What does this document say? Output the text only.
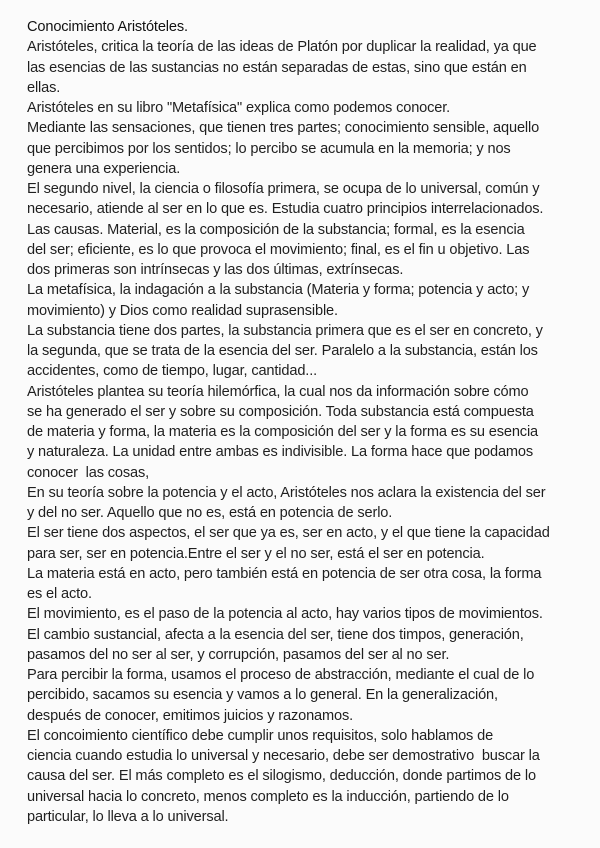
Conocimiento Aristóteles.
Aristóteles, critica la teoría de las ideas de Platón por duplicar la realidad, ya que
las esencias de las sustancias no están separadas de estas, sino que están en
ellas.
Aristóteles en su libro "Metafísica" explica como podemos conocer.
Mediante las sensaciones, que tienen tres partes; conocimiento sensible, aquello
que percibimos por los sentidos; lo percibo se acumula en la memoria; y nos
genera una experiencia.
El segundo nivel, la ciencia o filosofía primera, se ocupa de lo universal, común y
necesario, atiende al ser en lo que es. Estudia cuatro principios interrelacionados.
Las causas. Material, es la composición de la substancia; formal, es la esencia
del ser; eficiente, es lo que provoca el movimiento; final, es el fin u objetivo. Las
dos primeras son intrínsecas y las dos últimas, extrínsecas.
La metafísica, la indagación a la substancia (Materia y forma; potencia y acto; y
movimiento) y Dios como realidad suprasensible.
La substancia tiene dos partes, la substancia primera que es el ser en concreto, y
la segunda, que se trata de la esencia del ser. Paralelo a la substancia, están los
accidentes, como de tiempo, lugar, cantidad...
Aristóteles plantea su teoría hilemórfica, la cual nos da información sobre cómo
se ha generado el ser y sobre su composición. Toda substancia está compuesta
de materia y forma, la materia es la composición del ser y la forma es su esencia
y naturaleza. La unidad entre ambas es indivisible. La forma hace que podamos
conocer  las cosas,
En su teoría sobre la potencia y el acto, Aristóteles nos aclara la existencia del ser
y del no ser. Aquello que no es, está en potencia de serlo.
El ser tiene dos aspectos, el ser que ya es, ser en acto, y el que tiene la capacidad
para ser, ser en potencia.Entre el ser y el no ser, está el ser en potencia.
La materia está en acto, pero también está en potencia de ser otra cosa, la forma
es el acto.
El movimiento, es el paso de la potencia al acto, hay varios tipos de movimientos.
El cambio sustancial, afecta a la esencia del ser, tiene dos timpos, generación,
pasamos del no ser al ser, y corrupción, pasamos del ser al no ser.
Para percibir la forma, usamos el proceso de abstracción, mediante el cual de lo
percibido, sacamos su esencia y vamos a lo general. En la generalización,
después de conocer, emitimos juicios y razonamos.
El concoimiento científico debe cumplir unos requisitos, solo hablamos de
ciencia cuando estudia lo universal y necesario, debe ser demostrativo  buscar la
causa del ser. El más completo es el silogismo, deducción, donde partimos de lo
universal hacia lo concreto, menos completo es la inducción, partiendo de lo
particular, lo lleva a lo universal.
